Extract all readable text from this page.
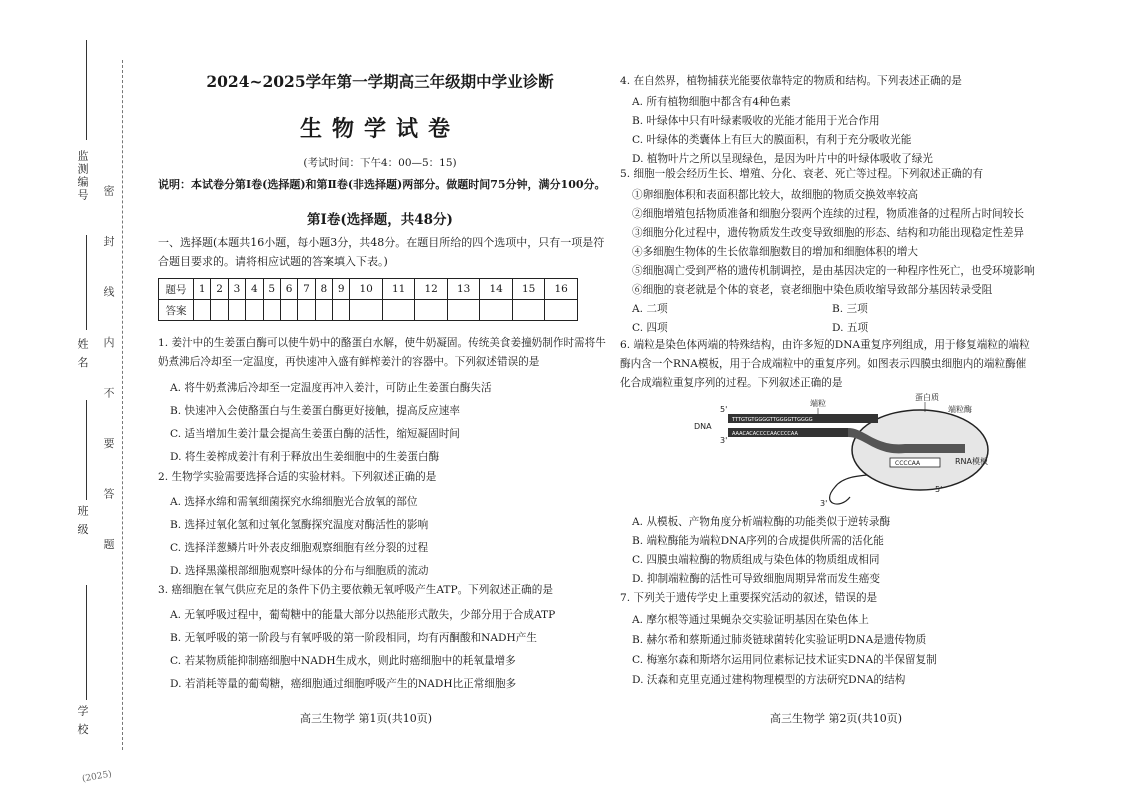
监测编号
姓 名
班 级
学 校
密 封 线 内 不 要 答 题
(2025)
2024~2025学年第一学期高三年级期中学业诊断
生物学试卷
(考试时间：下午4：00—5：15)
说明：本试卷分第Ⅰ卷(选择题)和第Ⅱ卷(非选择题)两部分。做题时间75分钟，满分100分。
第Ⅰ卷(选择题，共48分)
一、选择题(本题共16小题，每小题3分，共48分。在题目所给的四个选项中，只有一项是符合题目要求的。请将相应试题的答案填入下表。)
题号	1	2	3	4	5	6	7	8	9	10	11	12	13	14	15	16
答案																
1. 姜汁中的生姜蛋白酶可以使牛奶中的酪蛋白水解，使牛奶凝固。传统美食姜撞奶制作时需将牛奶煮沸后冷却至一定温度，再快速冲入盛有鲜榨姜汁的容器中。下列叙述错误的是
A. 将牛奶煮沸后冷却至一定温度再冲入姜汁，可防止生姜蛋白酶失活
B. 快速冲入会使酪蛋白与生姜蛋白酶更好接触，提高反应速率
C. 适当增加生姜汁量会提高生姜蛋白酶的活性，缩短凝固时间
D. 将生姜榨成姜汁有利于释放出生姜细胞中的生姜蛋白酶
2. 生物学实验需要选择合适的实验材料。下列叙述正确的是
A. 选择水绵和需氧细菌探究水绵细胞光合放氧的部位
B. 选择过氧化氢和过氧化氢酶探究温度对酶活性的影响
C. 选择洋葱鳞片叶外表皮细胞观察细胞有丝分裂的过程
D. 选择黑藻根部细胞观察叶绿体的分布与细胞质的流动
3. 癌细胞在氧气供应充足的条件下仍主要依赖无氧呼吸产生ATP。下列叙述正确的是
A. 无氧呼吸过程中，葡萄糖中的能量大部分以热能形式散失，少部分用于合成ATP
B. 无氧呼吸的第一阶段与有氧呼吸的第一阶段相同，均有丙酮酸和NADH产生
C. 若某物质能抑制癌细胞中NADH生成水，则此时癌细胞中的耗氧量增多
D. 若消耗等量的葡萄糖，癌细胞通过细胞呼吸产生的NADH比正常细胞多
高三生物学 第1页(共10页)
4. 在自然界，植物捕获光能要依靠特定的物质和结构。下列表述正确的是
A. 所有植物细胞中都含有4种色素
B. 叶绿体中只有叶绿素吸收的光能才能用于光合作用
C. 叶绿体的类囊体上有巨大的膜面积，有利于充分吸收光能
D. 植物叶片之所以呈现绿色，是因为叶片中的叶绿体吸收了绿光
5. 细胞一般会经历生长、增殖、分化、衰老、死亡等过程。下列叙述正确的有
①卵细胞体积和表面积都比较大，故细胞的物质交换效率较高
②细胞增殖包括物质准备和细胞分裂两个连续的过程，物质准备的过程所占时间较长
③细胞分化过程中，遗传物质发生改变导致细胞的形态、结构和功能出现稳定性差异
④多细胞生物体的生长依靠细胞数目的增加和细胞体积的增大
⑤细胞凋亡受到严格的遗传机制调控，是由基因决定的一种程序性死亡，也受环境影响
⑥细胞的衰老就是个体的衰老，衰老细胞中染色质收缩导致部分基因转录受阻
A. 二项	B. 三项
C. 四项	D. 五项
6. 端粒是染色体两端的特殊结构，由许多短的DNA重复序列组成，用于修复端粒的端粒酶内含一个RNA模板，用于合成端粒中的重复序列。如图表示四膜虫细胞内的端粒酶催化合成端粒重复序列的过程。下列叙述正确的是
TTTGTGTGGGGTTGGGGTTGGGG
AAACACACCCCAACCCCAA
CCCCAA
DNA
5'
3'
端粒
蛋白质
端粒酶
RNA模板
5'
3'
A. 从模板、产物角度分析端粒酶的功能类似于逆转录酶
B. 端粒酶能为端粒DNA序列的合成提供所需的活化能
C. 四膜虫端粒酶的物质组成与染色体的物质组成相同
D. 抑制端粒酶的活性可导致细胞周期异常而发生癌变
7. 下列关于遗传学史上重要探究活动的叙述，错误的是
A. 摩尔根等通过果蝇杂交实验证明基因在染色体上
B. 赫尔希和蔡斯通过肺炎链球菌转化实验证明DNA是遗传物质
C. 梅塞尔森和斯塔尔运用同位素标记技术证实DNA的半保留复制
D. 沃森和克里克通过建构物理模型的方法研究DNA的结构
高三生物学 第2页(共10页)
